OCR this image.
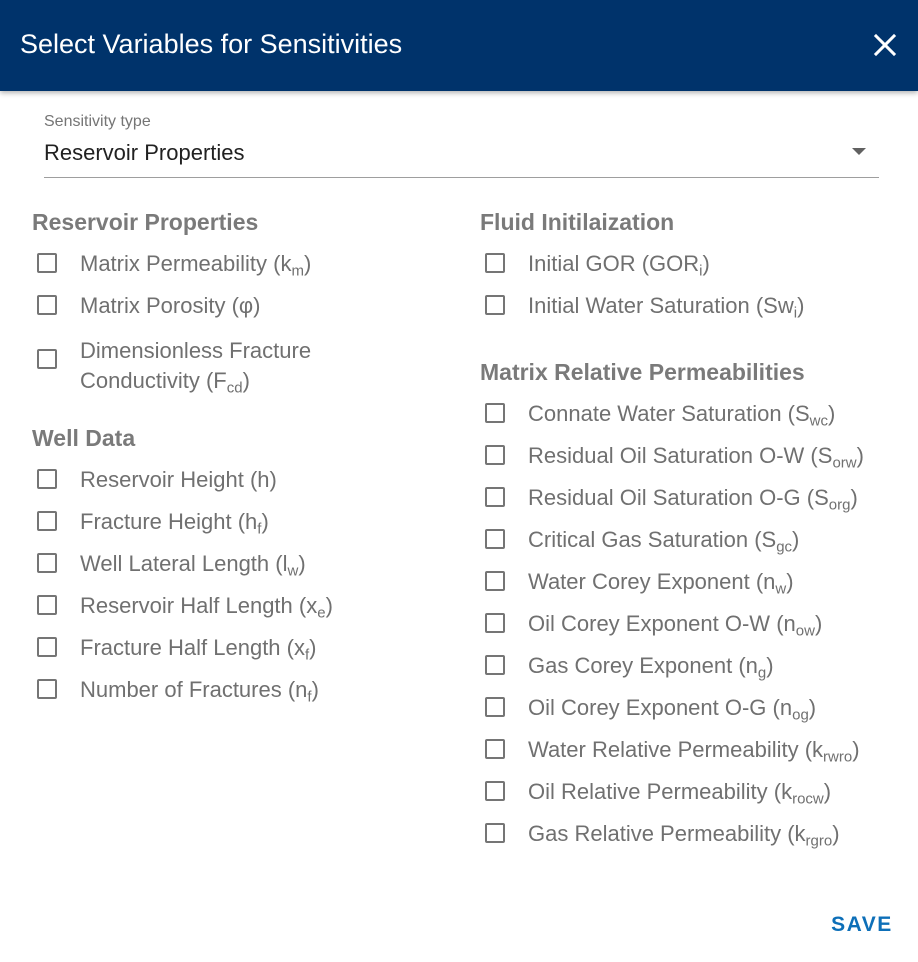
Select Variables for Sensitivities
Sensitivity type
Reservoir Properties
Reservoir Properties
Matrix Permeability $(k_m)$
Matrix Porosity (φ)
Dimensionless Fracture Conductivity $(F_{cd})$
Well Data
Reservoir Height (h)
Fracture Height $(h_f)$
Well Lateral Length $(l_w)$
Reservoir Half Length $(x_e)$
Fracture Half Length $(x_f)$
Number of Fractures $(n_f)$
Fluid Initilaization
Initial GOR $(GOR_i)$
Initial Water Saturation $(Sw_i)$
Matrix Relative Permeabilities
Connate Water Saturation $(S_{wc})$
Residual Oil Saturation O-W $(S_{orw})$
Residual Oil Saturation O-G $(S_{org})$
Critical Gas Saturation $(S_{gc})$
Water Corey Exponent $(n_w)$
Oil Corey Exponent O-W $(n_{ow})$
Gas Corey Exponent $(n_g)$
Oil Corey Exponent O-G $(n_{og})$
Water Relative Permeability $(k_{rwro})$
Oil Relative Permeability $(k_{rocw})$
Gas Relative Permeability $(k_{rgro})$
SAVE
